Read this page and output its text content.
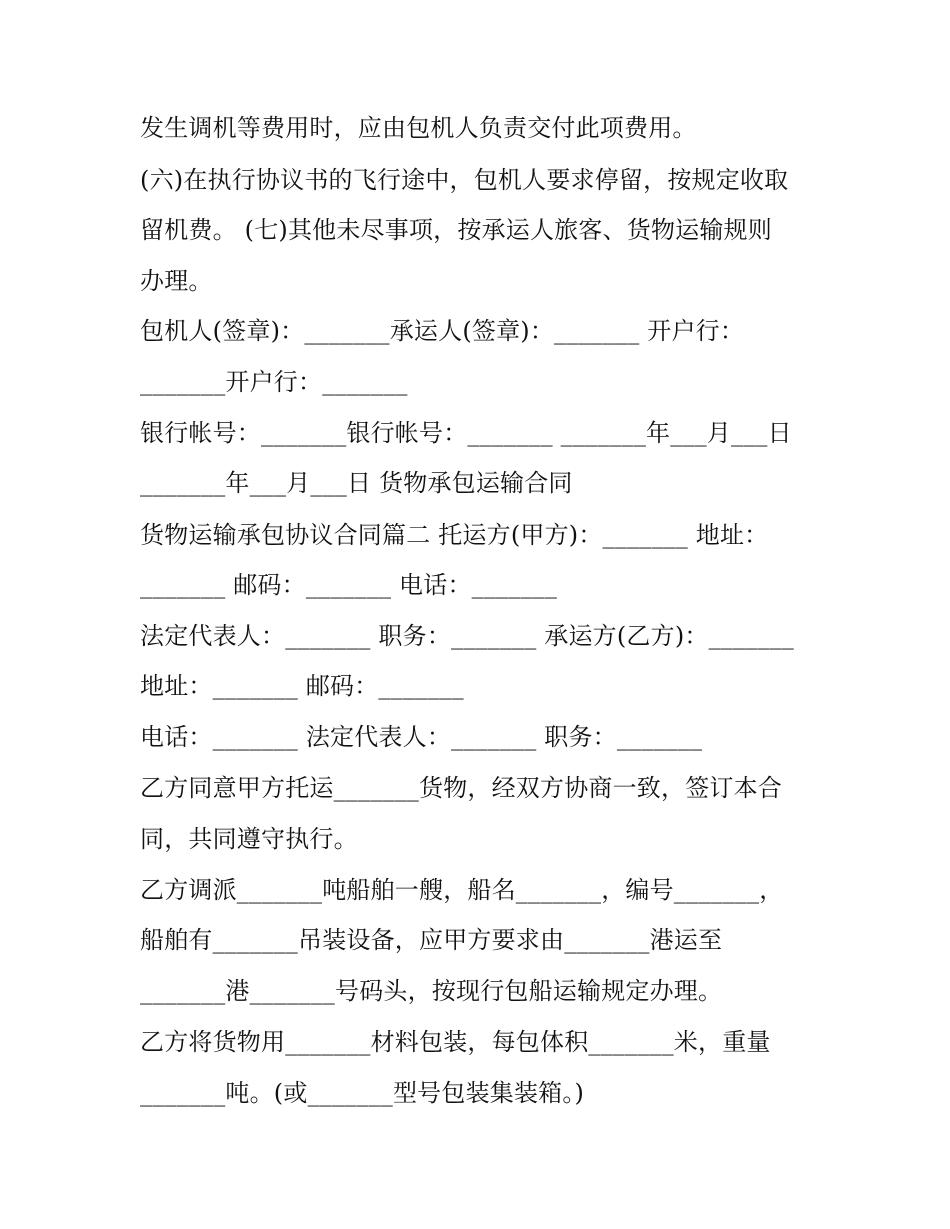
发生调机等费用时，应由包机人负责交付此项费用。
(六)在执行协议书的飞行途中，包机人要求停留，按规定收取
留机费。 (七)其他未尽事项，按承运人旅客、货物运输规则
办理。
包机人(签章)：_______承运人(签章)：_______ 开户行：
_______开户行：_______
银行帐号：_______银行帐号：_______ _______年___月___日
_______年___月___日 货物承包运输合同
货物运输承包协议合同篇二 托运方(甲方)：_______ 地址：
_______ 邮码：_______ 电话：_______
法定代表人：_______ 职务：_______ 承运方(乙方)：_______
地址：_______ 邮码：_______
电话：_______ 法定代表人：_______ 职务：_______
乙方同意甲方托运_______货物，经双方协商一致，签订本合
同，共同遵守执行。
乙方调派_______吨船舶一艘，船名_______，编号_______，
船舶有_______吊装设备，应甲方要求由_______港运至
_______港_______号码头，按现行包船运输规定办理。
乙方将货物用_______材料包装，每包体积_______米，重量
_______吨。(或_______型号包装集装箱。)
